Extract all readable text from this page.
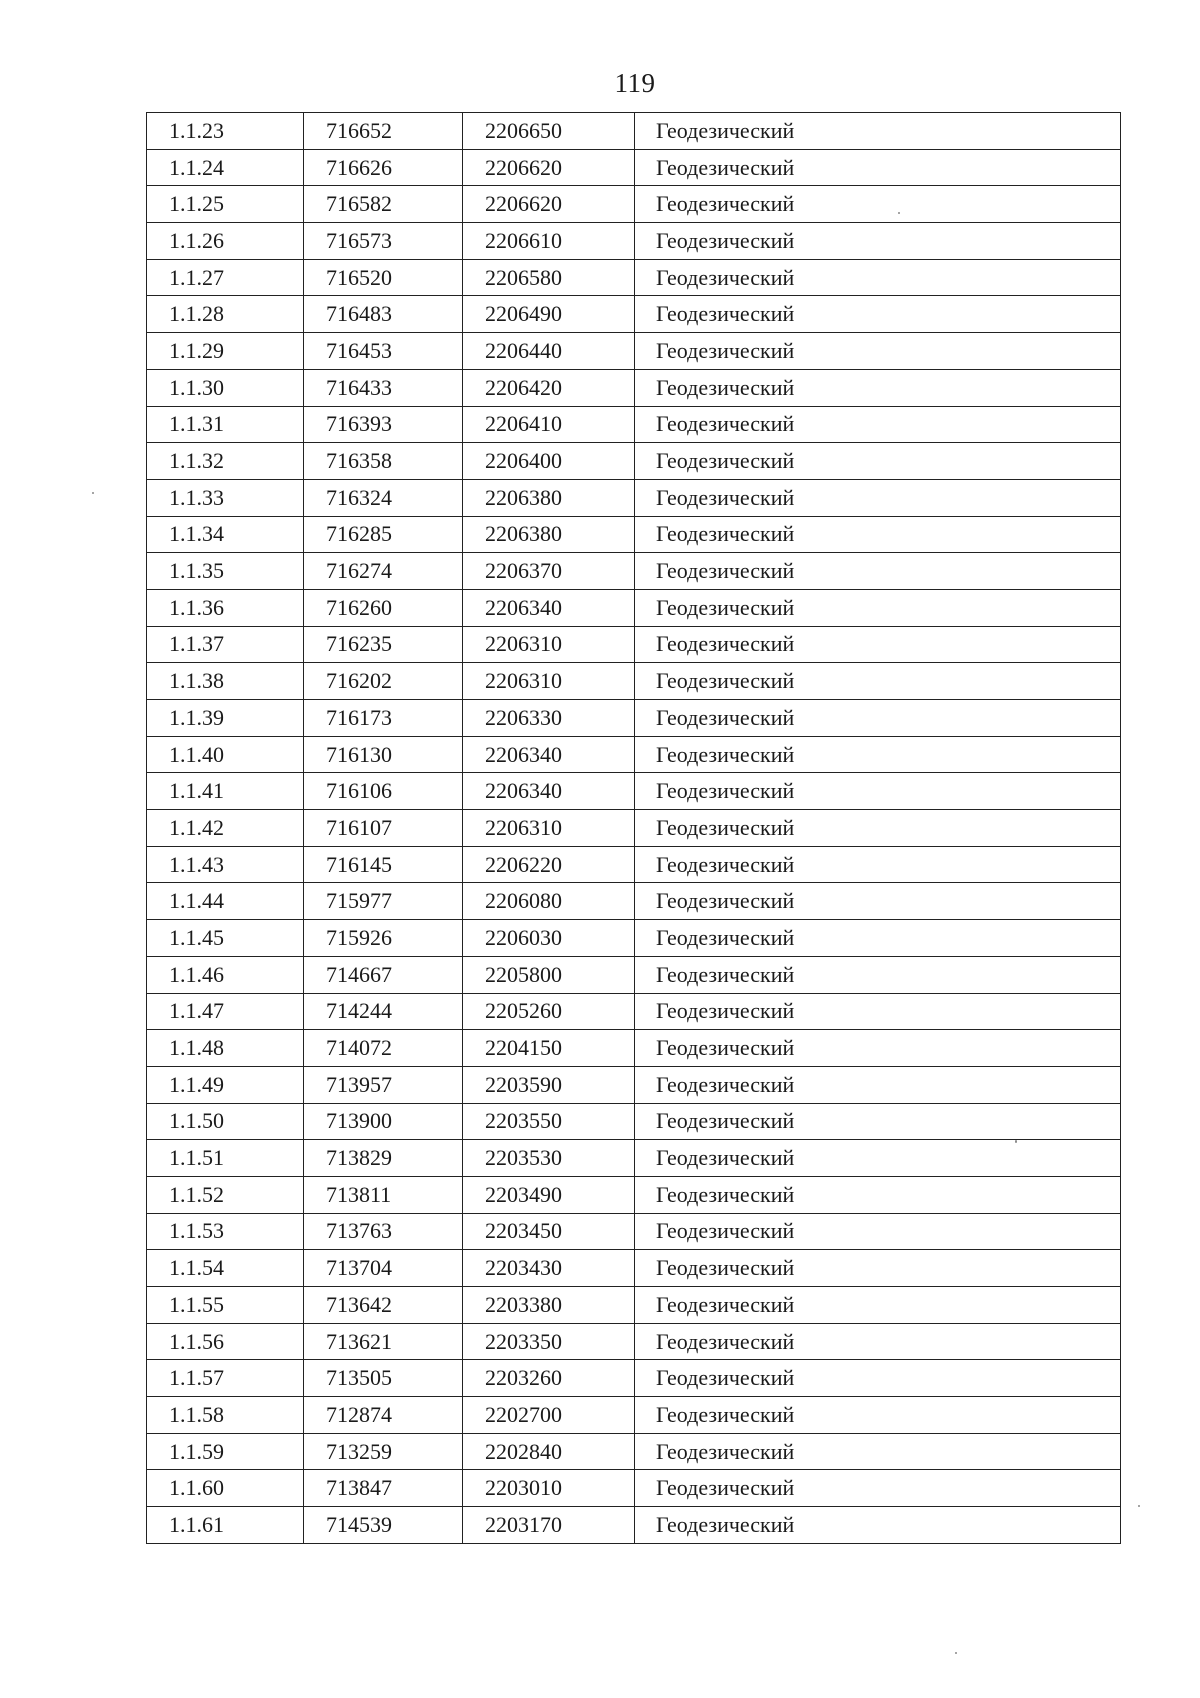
119
1.1.23	716652	2206650	Геодезический
1.1.24	716626	2206620	Геодезический
1.1.25	716582	2206620	Геодезический
1.1.26	716573	2206610	Геодезический
1.1.27	716520	2206580	Геодезический
1.1.28	716483	2206490	Геодезический
1.1.29	716453	2206440	Геодезический
1.1.30	716433	2206420	Геодезический
1.1.31	716393	2206410	Геодезический
1.1.32	716358	2206400	Геодезический
1.1.33	716324	2206380	Геодезический
1.1.34	716285	2206380	Геодезический
1.1.35	716274	2206370	Геодезический
1.1.36	716260	2206340	Геодезический
1.1.37	716235	2206310	Геодезический
1.1.38	716202	2206310	Геодезический
1.1.39	716173	2206330	Геодезический
1.1.40	716130	2206340	Геодезический
1.1.41	716106	2206340	Геодезический
1.1.42	716107	2206310	Геодезический
1.1.43	716145	2206220	Геодезический
1.1.44	715977	2206080	Геодезический
1.1.45	715926	2206030	Геодезический
1.1.46	714667	2205800	Геодезический
1.1.47	714244	2205260	Геодезический
1.1.48	714072	2204150	Геодезический
1.1.49	713957	2203590	Геодезический
1.1.50	713900	2203550	Геодезический
1.1.51	713829	2203530	Геодезический
1.1.52	713811	2203490	Геодезический
1.1.53	713763	2203450	Геодезический
1.1.54	713704	2203430	Геодезический
1.1.55	713642	2203380	Геодезический
1.1.56	713621	2203350	Геодезический
1.1.57	713505	2203260	Геодезический
1.1.58	712874	2202700	Геодезический
1.1.59	713259	2202840	Геодезический
1.1.60	713847	2203010	Геодезический
1.1.61	714539	2203170	Геодезический
